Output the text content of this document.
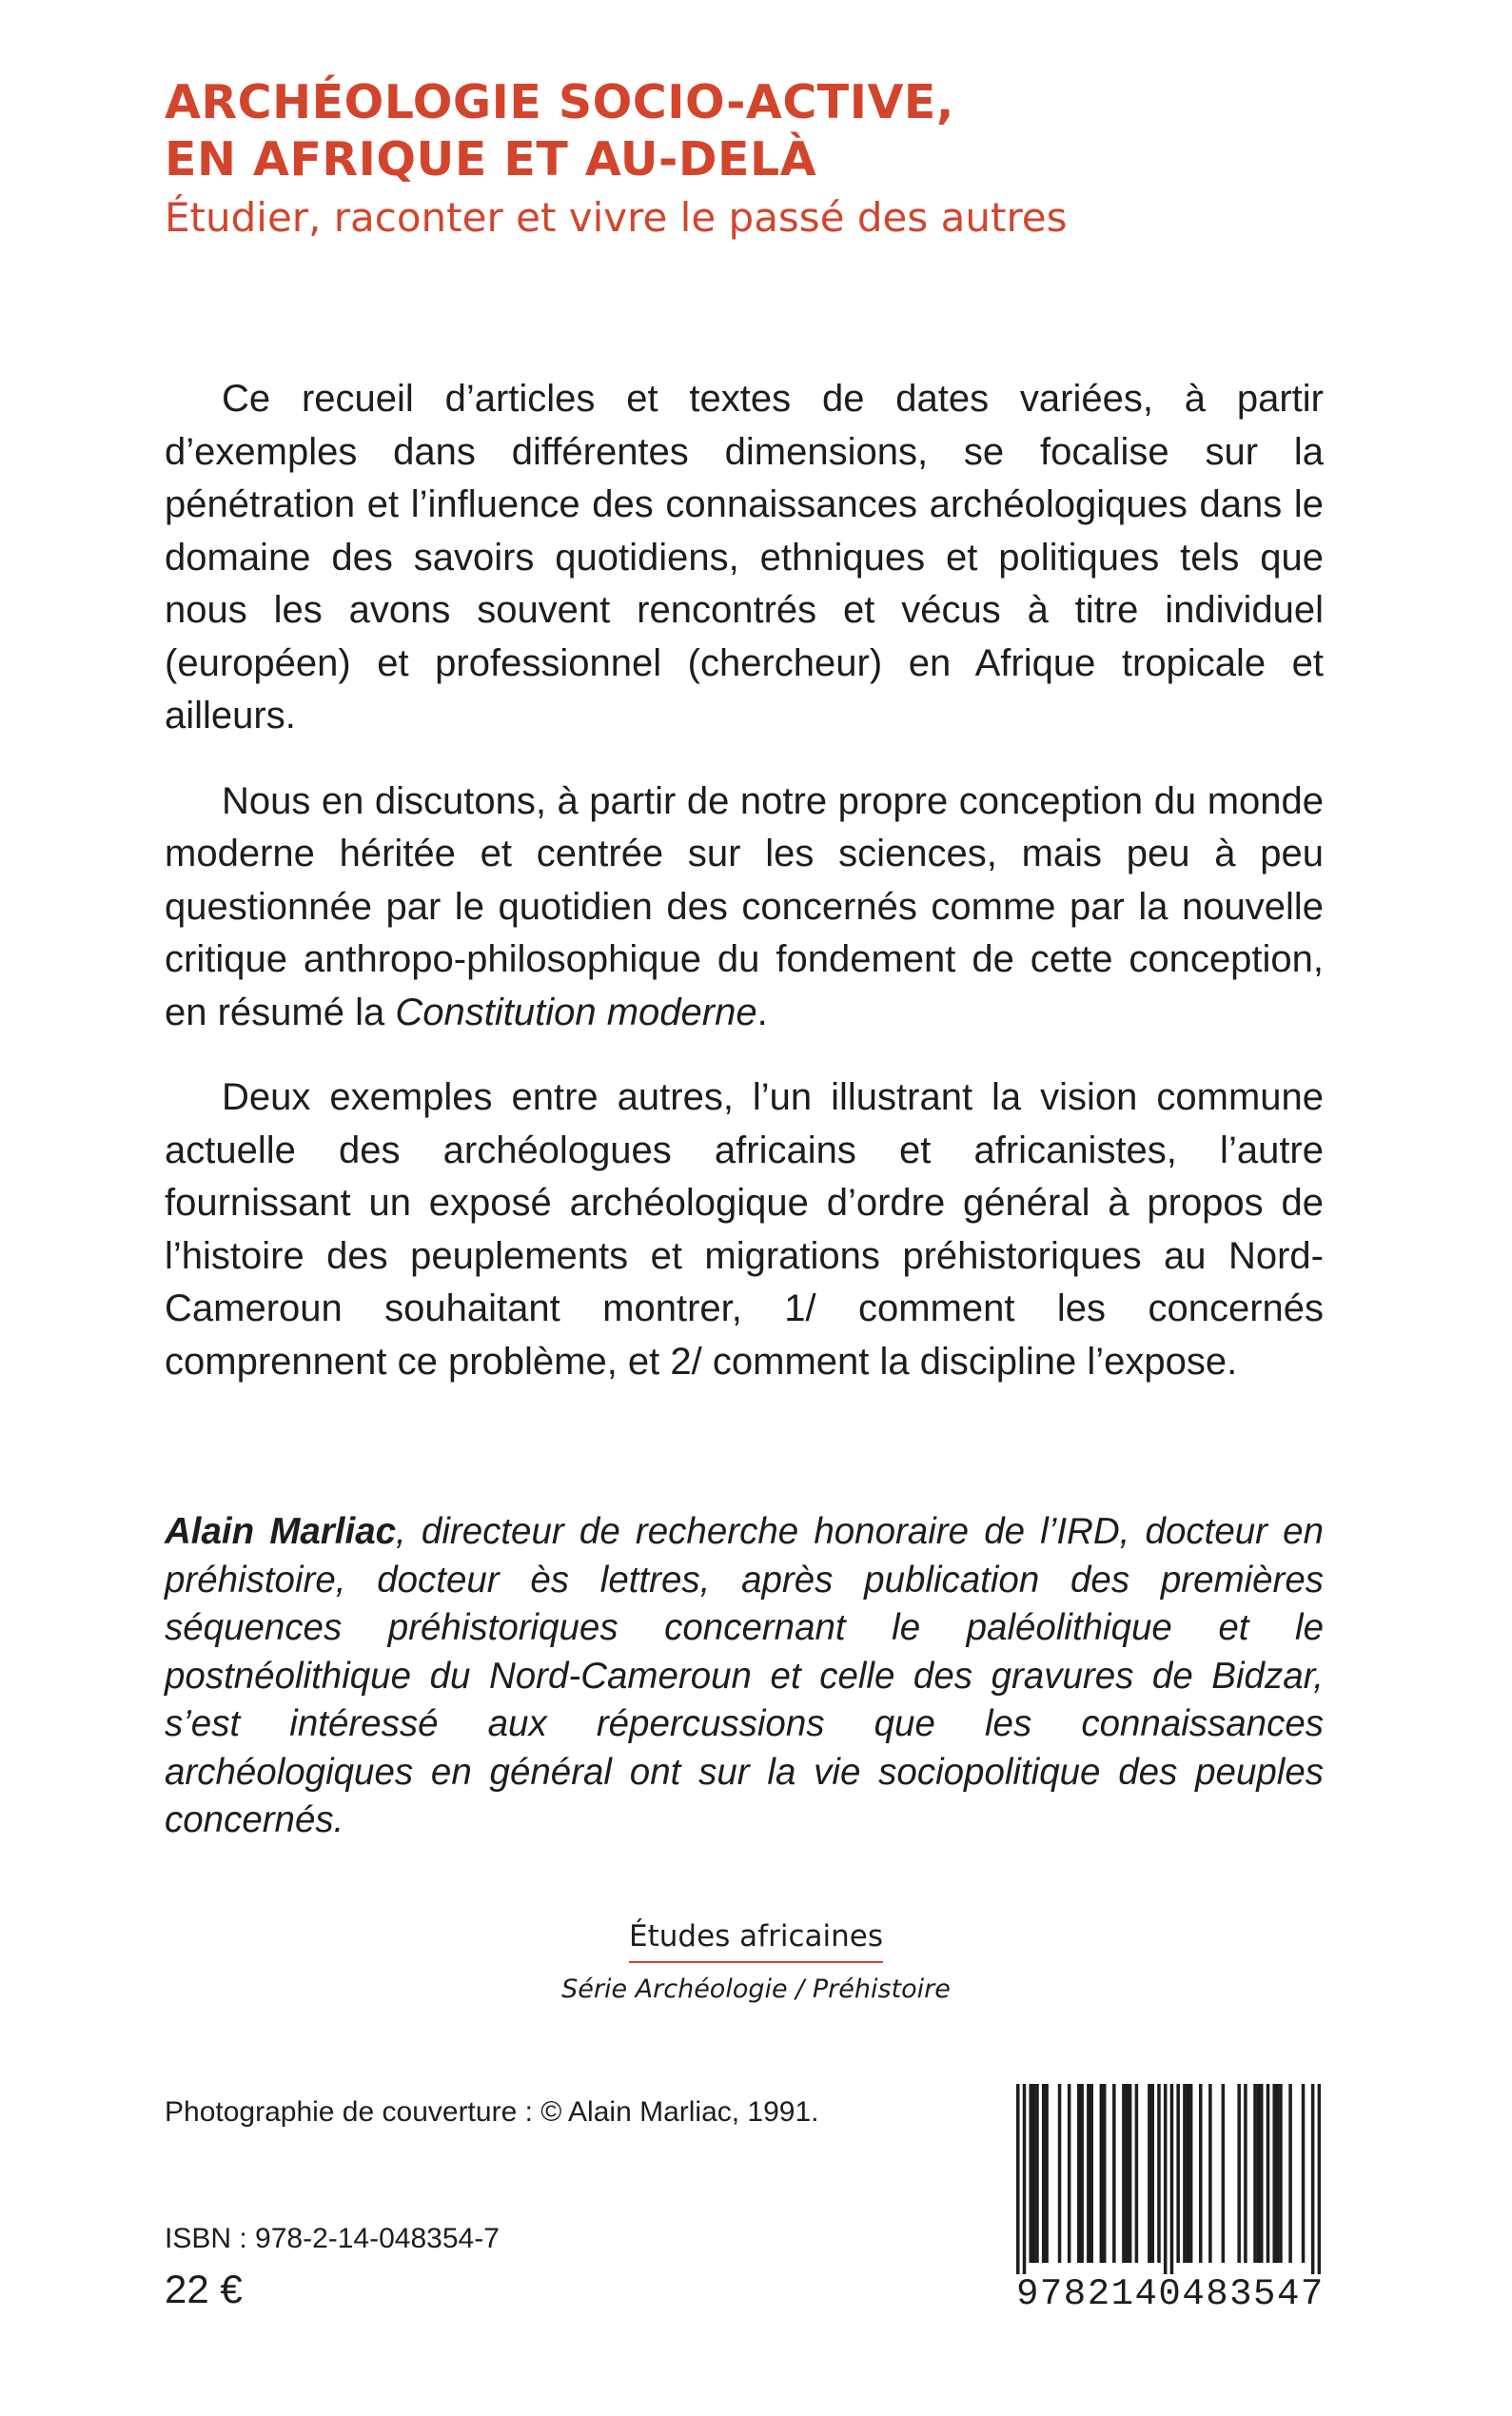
ARCHÉOLOGIE SOCIO-ACTIVE,
EN AFRIQUE ET AU-DELÀ
Étudier, raconter et vivre le passé des autres

Ce recueil d’articles et textes de dates variées, à partir d’exemples dans différentes dimensions, se focalise sur la pénétration et l’influence des connaissances archéologiques dans le domaine des savoirs quotidiens, ethniques et politiques tels que nous les avons souvent rencontrés et vécus à titre individuel (européen) et professionnel (chercheur) en Afrique tropicale et ailleurs.

Nous en discutons, à partir de notre propre conception du monde moderne héritée et centrée sur les sciences, mais peu à peu questionnée par le quotidien des concernés comme par la nouvelle critique anthropo-philosophique du fondement de cette conception, en résumé la Constitution moderne.

Deux exemples entre autres, l’un illustrant la vision commune actuelle des archéologues africains et africanistes, l’autre fournissant un exposé archéologique d’ordre général à propos de l’histoire des peuplements et migrations préhistoriques au Nord-Cameroun souhaitant montrer, 1/ comment les concernés comprennent ce problème, et 2/ comment la discipline l’expose.

Alain Marliac, directeur de recherche honoraire de l’IRD, docteur en préhistoire, docteur ès lettres, après publication des premières séquences préhistoriques concernant le paléolithique et le postnéolithique du Nord-Cameroun et celle des gravures de Bidzar, s’est intéressé aux répercussions que les connaissances archéologiques en général ont sur la vie sociopolitique des peuples concernés.

Études africaines
Série Archéologie / Préhistoire
Photographie de couverture : © Alain Marliac, 1991.
ISBN : 978-2-14-048354-7
22 €	9782140483547
